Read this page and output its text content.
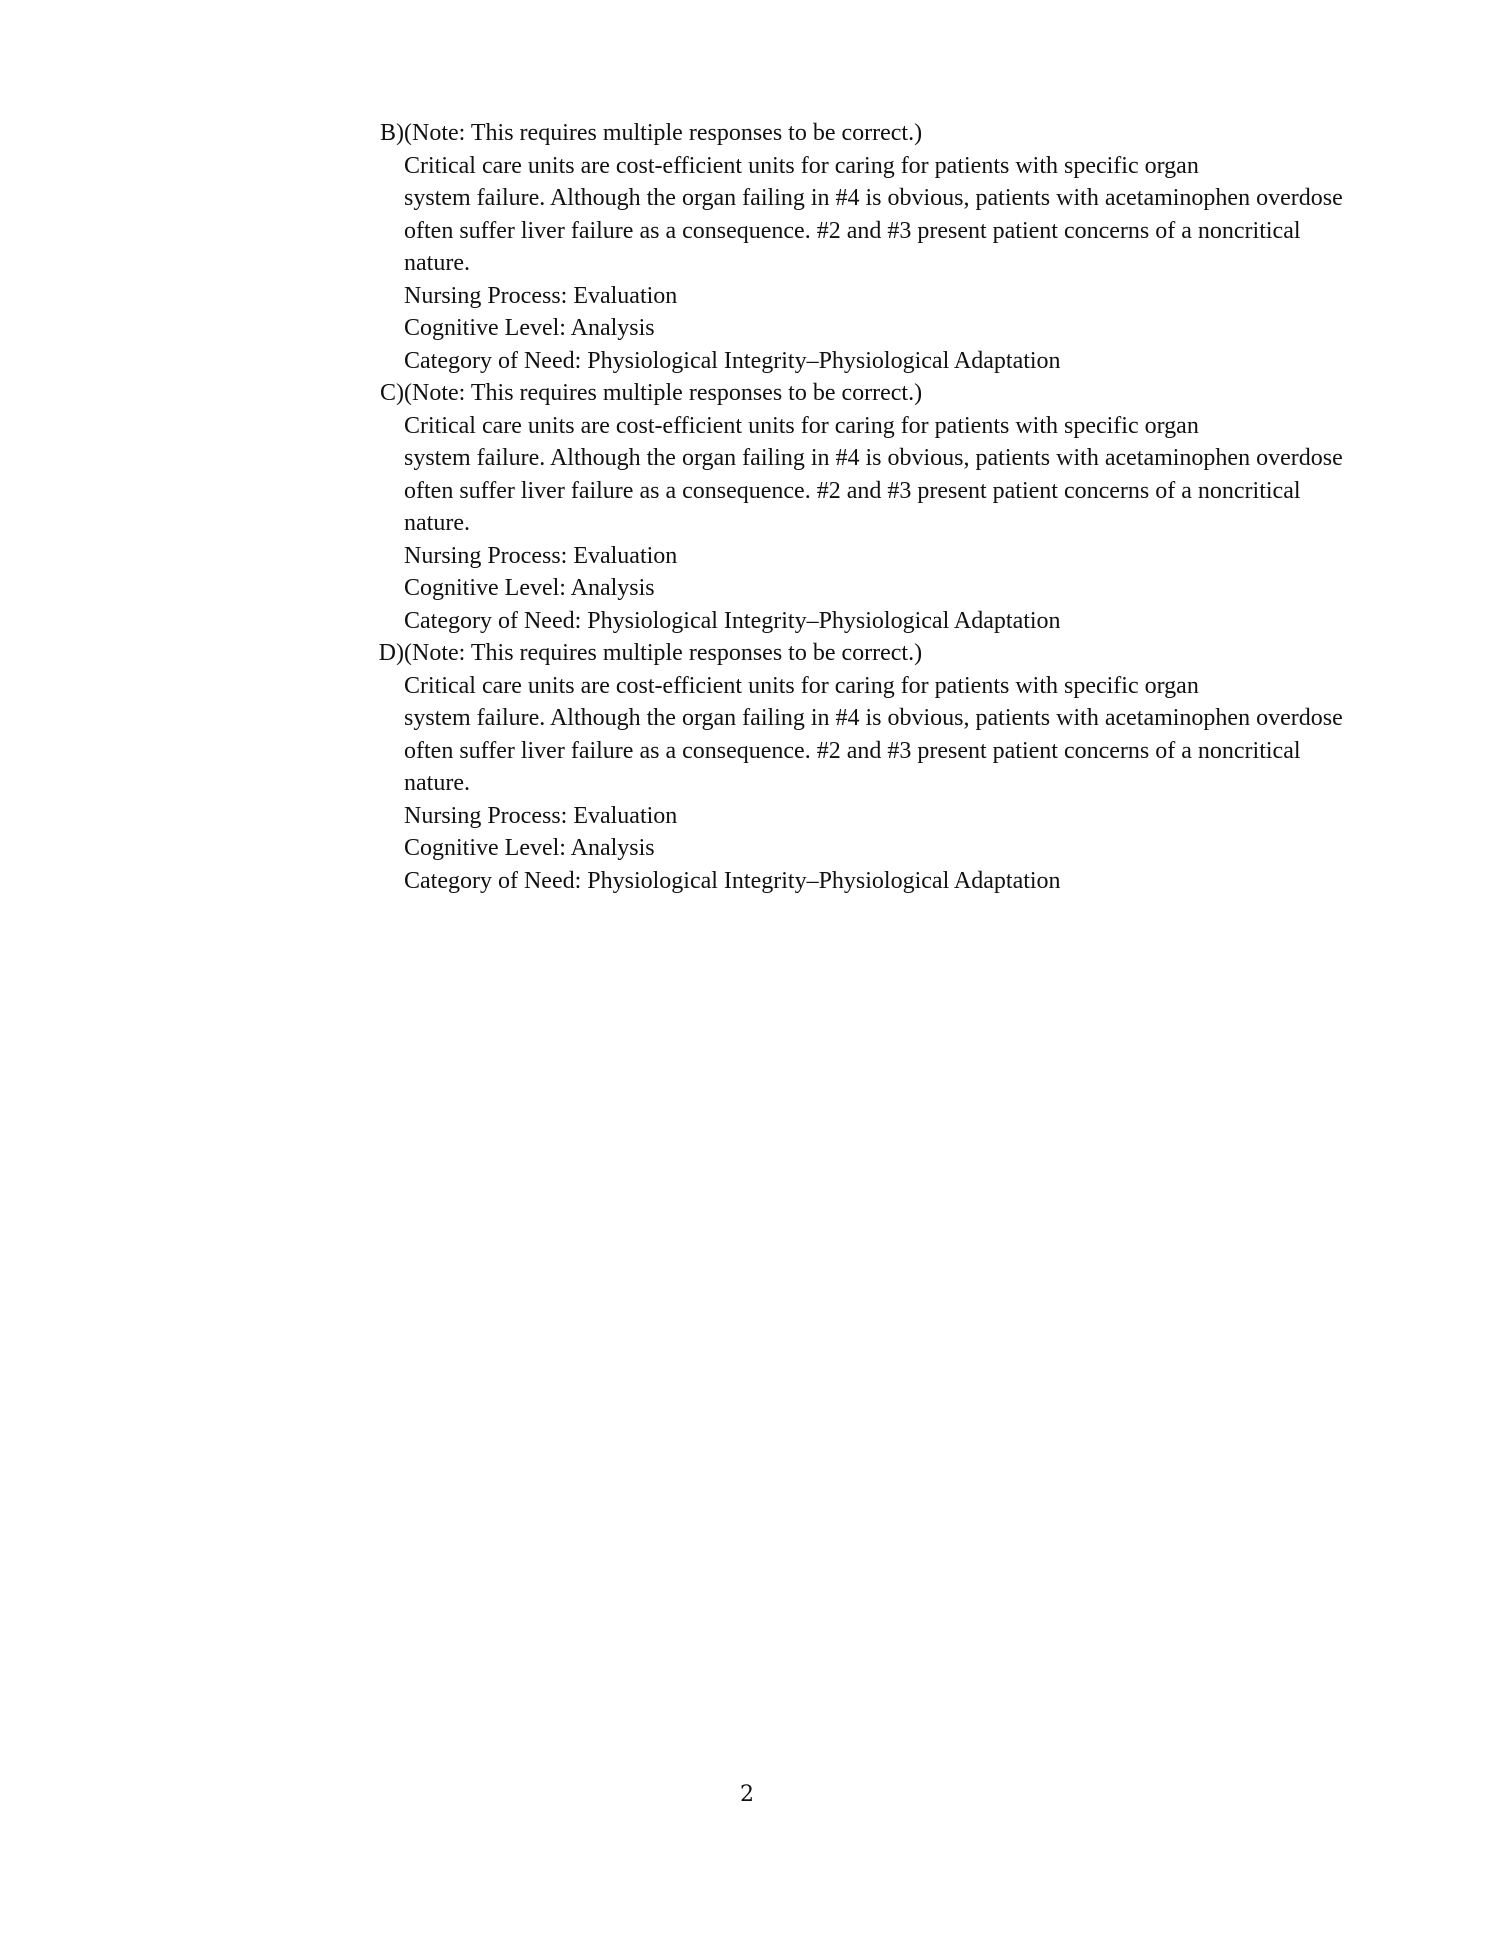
B) (Note: This requires multiple responses to be correct.)
Critical care units are cost-efficient units for caring for patients with specific organ
system failure. Although the organ failing in #4 is obvious, patients with acetaminophen overdose
often suffer liver failure as a consequence. #2 and #3 present patient concerns of a noncritical
nature.
Nursing Process: Evaluation
Cognitive Level: Analysis
Category of Need: Physiological Integrity–Physiological Adaptation
C) (Note: This requires multiple responses to be correct.)
Critical care units are cost-efficient units for caring for patients with specific organ
system failure. Although the organ failing in #4 is obvious, patients with acetaminophen overdose
often suffer liver failure as a consequence. #2 and #3 present patient concerns of a noncritical
nature.
Nursing Process: Evaluation
Cognitive Level: Analysis
Category of Need: Physiological Integrity–Physiological Adaptation
D) (Note: This requires multiple responses to be correct.)
Critical care units are cost-efficient units for caring for patients with specific organ
system failure. Although the organ failing in #4 is obvious, patients with acetaminophen overdose
often suffer liver failure as a consequence. #2 and #3 present patient concerns of a noncritical
nature.
Nursing Process: Evaluation
Cognitive Level: Analysis
Category of Need: Physiological Integrity–Physiological Adaptation
2
